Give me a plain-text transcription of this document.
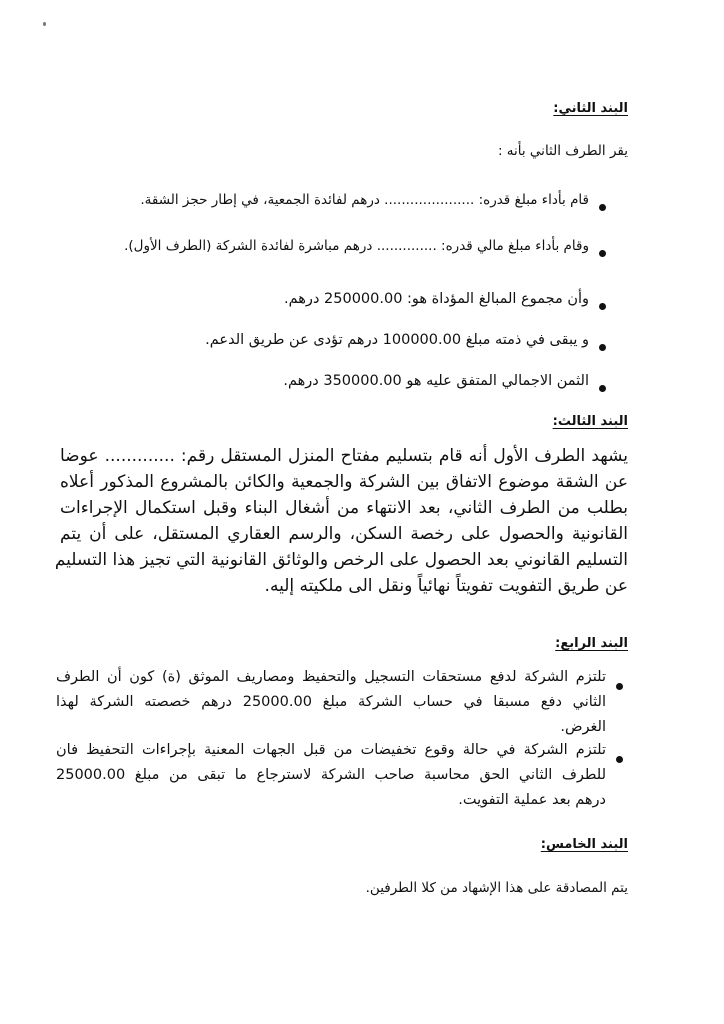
البند الثاني:
يقر الطرف الثاني بأنه :
قام بأداء مبلغ قدره: ..................... درهم لفائدة الجمعية، في إطار حجز الشقة.
وقام بأداء مبلغ مالي قدره: .............. درهم مباشرة لفائدة الشركة (الطرف الأول).
وأن مجموع المبالغ المؤداة هو: 250000.00 درهم.
و يبقى في ذمته مبلغ 100000.00 درهم تؤدى عن طريق الدعم.
الثمن الاجمالي المتفق عليه هو 350000.00 درهم.
البند الثالث:
يشهد الطرف الأول أنه قام بتسليم مفتاح المنزل المستقل رقم: ............. عوضا
عن الشقة موضوع الاتفاق بين الشركة والجمعية والكائن بالمشروع المذكور أعلاه
بطلب من الطرف الثاني، بعد الانتهاء من أشغال البناء وقبل استكمال الإجراءات
القانونية والحصول على رخصة السكن، والرسم العقاري المستقل، على أن يتم
التسليم القانوني بعد الحصول على الرخص والوثائق القانونية التي تجيز هذا التسليم
عن طريق التفويت تفويتاً نهائياً ونقل الى ملكيته إليه.
البند الرابع:
تلتزم الشركة لدفع مستحقات التسجيل والتحفيظ ومصاريف الموثق (ة) كون أن الطرف
الثاني دفع مسبقا في حساب الشركة مبلغ 25000.00 درهم خصصته الشركة لهذا
الغرض.
تلتزم الشركة في حالة وقوع تخفيضات من قبل الجهات المعنية بإجراءات التحفيظ فان
للطرف الثاني الحق محاسبة صاحب الشركة لاسترجاع ما تبقى من مبلغ 25000.00
درهم بعد عملية التفويت.
البند الخامس:
يتم المصادقة على هذا الإشهاد من كلا الطرفين.
